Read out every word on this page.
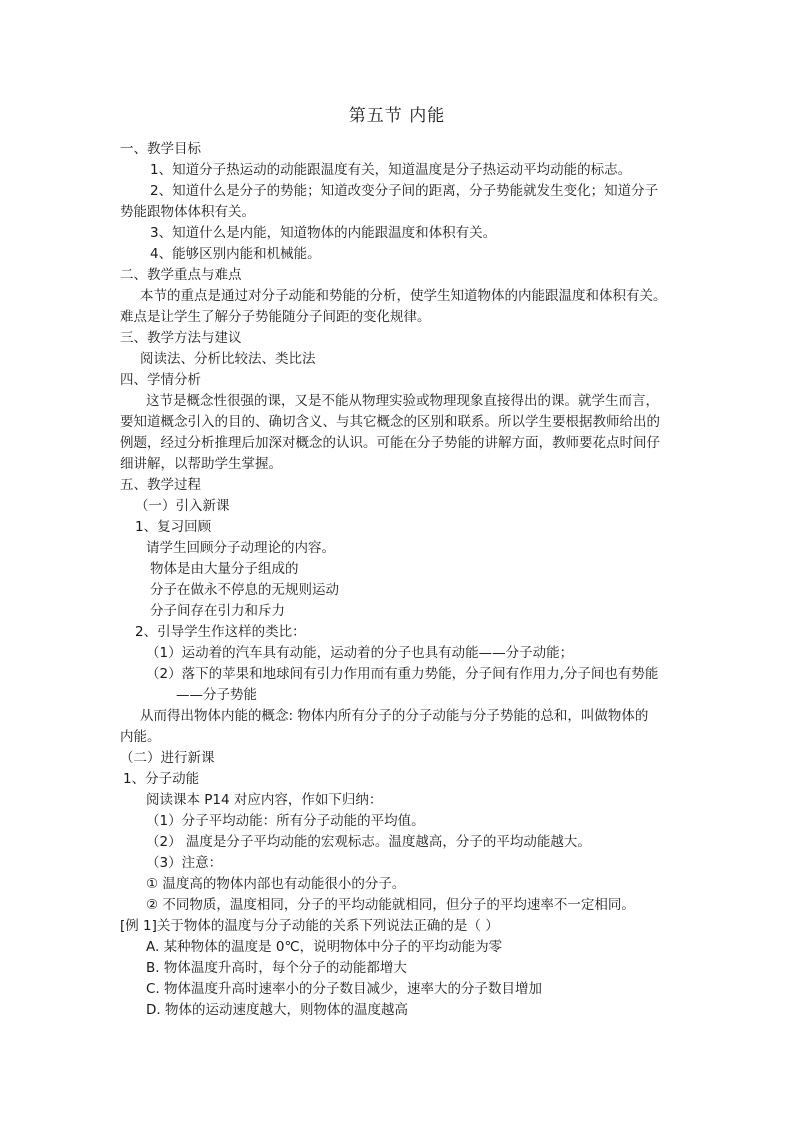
第五节 内能
一、教学目标
1、知道分子热运动的动能跟温度有关，知道温度是分子热运动平均动能的标志。
2、知道什么是分子的势能；知道改变分子间的距离，分子势能就发生变化；知道分子
势能跟物体体积有关。
3、知道什么是内能，知道物体的内能跟温度和体积有关。
4、能够区别内能和机械能。
二、教学重点与难点
本节的重点是通过对分子动能和势能的分析，使学生知道物体的内能跟温度和体积有关。
难点是让学生了解分子势能随分子间距的变化规律。
三、教学方法与建议
阅读法、分析比较法、类比法
四、学情分析
这节是概念性很强的课，又是不能从物理实验或物理现象直接得出的课。就学生而言，
要知道概念引入的目的、确切含义、与其它概念的区别和联系。所以学生要根据教师给出的
例题，经过分析推理后加深对概念的认识。可能在分子势能的讲解方面，教师要花点时间仔
细讲解，以帮助学生掌握。
五、教学过程
（一）引入新课
1、复习回顾
请学生回顾分子动理论的内容。
物体是由大量分子组成的
分子在做永不停息的无规则运动
分子间存在引力和斥力
2、引导学生作这样的类比：
（1）运动着的汽车具有动能，运动着的分子也具有动能——分子动能；
（2）落下的苹果和地球间有引力作用而有重力势能，分子间有作用力,分子间也有势能
——分子势能
从而得出物体内能的概念: 物体内所有分子的分子动能与分子势能的总和，叫做物体的
内能。
（二）进行新课
1、分子动能
阅读课本 P14 对应内容，作如下归纳：
（1）分子平均动能：所有分子动能的平均值。
（2） 温度是分子平均动能的宏观标志。温度越高，分子的平均动能越大。
（3）注意：
① 温度高的物体内部也有动能很小的分子。
② 不同物质，温度相同，分子的平均动能就相同，但分子的平均速率不一定相同。
[例 1]关于物体的温度与分子动能的关系下列说法正确的是（ ）
A. 某种物体的温度是 0℃，说明物体中分子的平均动能为零
B. 物体温度升高时，每个分子的动能都增大
C. 物体温度升高时速率小的分子数目减少，速率大的分子数目增加
D. 物体的运动速度越大，则物体的温度越高
